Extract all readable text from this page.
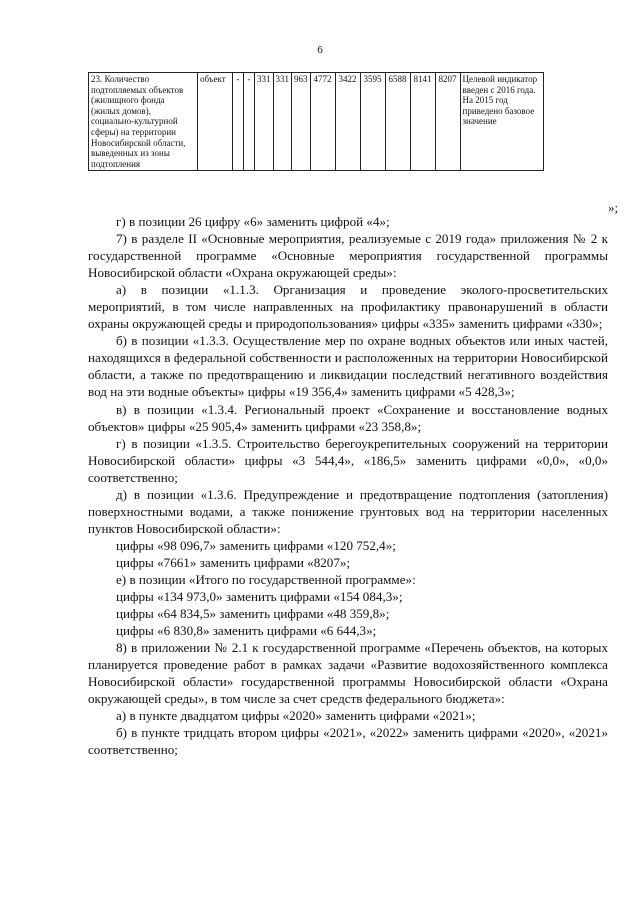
6
23. Количество подтопляемых объектов (жилищного фонда (жилых домов), социально-культурной сферы) на территории Новосибирской области, выведенных из зоны подтопления	объект	-	-	331	331	963	4772	3422	3595	6588	8141	8207	Целевой индикатор введен с 2016 года. На 2015 год приведено базовое значение
»;

г) в позиции 26 цифру «6» заменить цифрой «4»;

7) в разделе II «Основные мероприятия, реализуемые с 2019 года» приложения № 2 к государственной программе «Основные мероприятия государственной программы Новосибирской области «Охрана окружающей среды»:

а) в позиции «1.1.3. Организация и проведение эколого-просветительских мероприятий, в том числе направленных на профилактику правонарушений в области охраны окружающей среды и природопользования» цифры «335» заменить цифрами «330»;

б) в позиции «1.3.3. Осуществление мер по охране водных объектов или иных частей, находящихся в федеральной собственности и расположенных на территории Новосибирской области, а также по предотвращению и ликвидации последствий негативного воздействия вод на эти водные объекты» цифры «19 356,4» заменить цифрами «5 428,3»;

в) в позиции «1.3.4. Региональный проект «Сохранение и восстановление водных объектов» цифры «25 905,4» заменить цифрами «23 358,8»;

г) в позиции «1.3.5. Строительство берегоукрепительных сооружений на территории Новосибирской области» цифры «3 544,4», «186,5» заменить цифрами «0,0», «0,0» соответственно;

д) в позиции «1.3.6. Предупреждение и предотвращение подтопления (затопления) поверхностными водами, а также понижение грунтовых вод на территории населенных пунктов Новосибирской области»:

цифры «98 096,7» заменить цифрами «120 752,4»;

цифры «7661» заменить цифрами «8207»;

е) в позиции «Итого по государственной программе»:

цифры «134 973,0» заменить цифрами «154 084,3»;

цифры «64 834,5» заменить цифрами «48 359,8»;

цифры «6 830,8» заменить цифрами «6 644,3»;

8) в приложении № 2.1 к государственной программе «Перечень объектов, на которых планируется проведение работ в рамках задачи «Развитие водохозяйственного комплекса Новосибирской области» государственной программы Новосибирской области «Охрана окружающей среды», в том числе за счет средств федерального бюджета»:

а) в пункте двадцатом цифры «2020» заменить цифрами «2021»;

б) в пункте тридцать втором цифры «2021», «2022» заменить цифрами «2020», «2021» соответственно;
